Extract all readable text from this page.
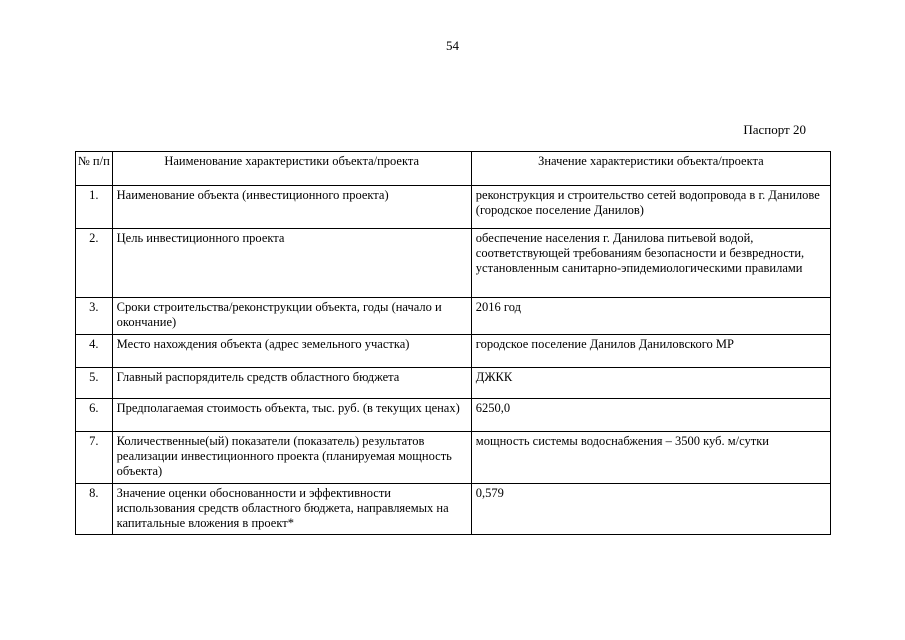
54
Паспорт 20
№ п/п	Наименование характеристики объекта/проекта	Значение характеристики объекта/проекта
1.	Наименование объекта (инвестиционного проекта)	реконструкция и строительство сетей водопровода в г. Данилове (городское поселение Данилов)
2.	Цель инвестиционного проекта	обеспечение населения г. Данилова питьевой водой, соответствующей требованиям безопасности и безвредности, установленным санитарно-эпидемиологическими правилами
3.	Сроки строительства/реконструкции объекта, годы (начало и окончание)	2016 год
4.	Место нахождения объекта (адрес земельного участка)	городское поселение Данилов Даниловского МР
5.	Главный распорядитель средств областного бюджета	ДЖКК
6.	Предполагаемая стоимость объекта, тыс. руб. (в текущих ценах)	6250,0
7.	Количественные(ый) показатели (показатель) результатов реализации инвестиционного проекта (планируемая мощность объекта)	мощность системы водоснабжения – 3500 куб. м/сутки
8.	Значение оценки обоснованности и эффективности использования средств областного бюджета, направляемых на капитальные вложения в проект*	0,579
